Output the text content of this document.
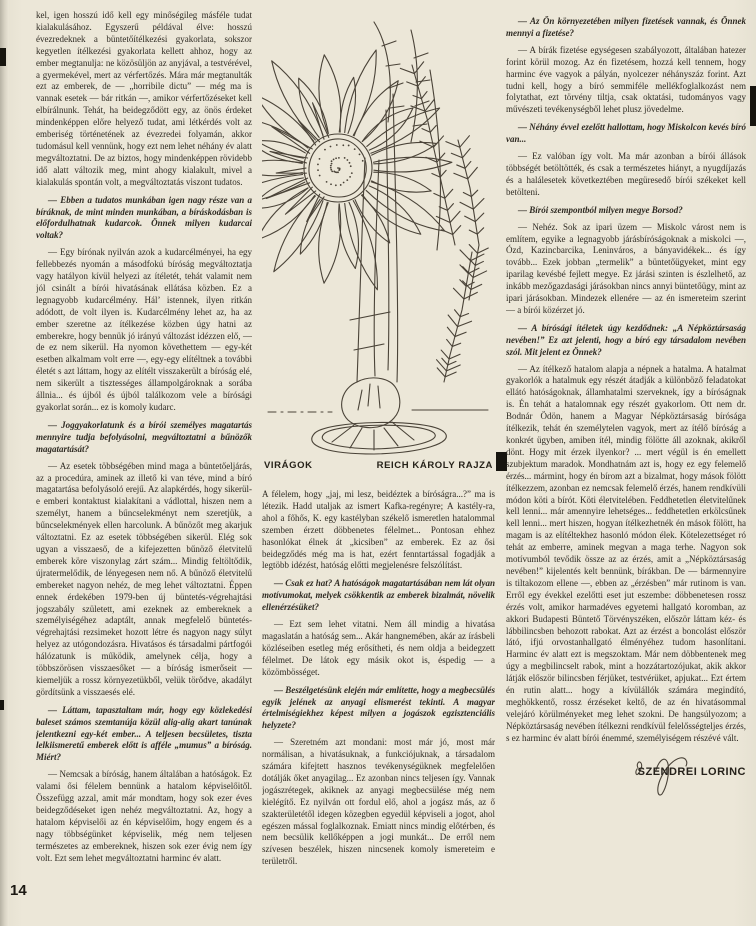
kel, igen hosszú idő kell egy minőségileg másféle tudat kialakulásához. Egyszerű példával élve: hosszú évezredeknek a büntetőítélkezési gyakorlata, sokszor kegyetlen ítélkezési gyakorlata kellett ahhoz, hogy az ember megtanulja: ne közösüljön az anyjával, a testvérével, a gyermekével, mert az vérfertőzés. Mára már megtanulták ezt az emberek, de — „horribile dictu” — még ma is vannak esetek — bár ritkán —, amikor vérfertőzéseket kell elbírálnunk. Tehát, ha beidegződött egy, az önös érdeket mindenképpen előre helyező tudat, ami létkérdés volt az emberiség történetének az évezredei folyamán, akkor tudomásul kell vennünk, hogy ezt nem lehet néhány év alatt megváltoztatni. De az biztos, hogy mindenképpen rövidebb idő alatt változik meg, mint ahogy kialakult, mivel a kialakulás spontán volt, a megváltoztatás viszont tudatos.

— Ebben a tudatos munkában igen nagy része van a bíráknak, de mint minden munkában, a bíráskodásban is előfordulhatnak kudarcok. Önnek milyen kudarcai voltak?

— Egy bírónak nyilván azok a kudarcélményei, ha egy fellebbezés nyomán a másodfokú bíróság megváltoztatja vagy hatályon kívül helyezi az ítéletét, tehát valamit nem jól csinált a bírói hivatásának ellátása közben. Ez a legnagyobb kudarcélmény. Hál’ istennek, ilyen ritkán adódott, de volt ilyen is. Kudarcélmény lehet az, ha az ember szeretne az ítélkezése közben úgy hatni az emberekre, hogy bennük jó irányú változást idézzen elő, — de ez nem sikerül. Ha nyomon követhettem — egy-két esetben alkalmam volt erre —, egy-egy elítéltnek a további életét s azt láttam, hogy az elítélt visszakerült a bíróság elé, nem sikerült a tisztességes állampolgároknak a sorába állnia... és újból és újból találkozom vele a bírósági gyakorlat során... ez is komoly kudarc.

— Joggyakorlatunk és a bírói személyes magatartás mennyire tudja befolyásolni, megváltoztatni a bűnözők magatartását?

— Az esetek többségében mind maga a büntetőeljárás, az a procedúra, aminek az illető ki van téve, mind a bíró magatartása befolyásoló erejű. Az alapkérdés, hogy sikerül-e emberi kontaktust kialakítani a vádlottal, hiszen nem a személyt, hanem a bűncselekményt nem szeretjük, a bűncselekmények ellen harcolunk. A bűnözőt meg akarjuk változtatni. Ez az esetek többségében sikerül. Elég sok ugyan a visszaeső, de a kifejezetten bűnöző életvitelű emberek köre viszonylag zárt szám... Mindig feltöltődik, újratermelődik, de lényegesen nem nő. A bűnöző életvitelű embereket nagyon nehéz, de meg lehet változtatni. Éppen ennek érdekében 1979-ben új büntetés-végrehajtási jogszabály született, ami ezeknek az embereknek a személyiségéhez adaptált, annak megfelelő büntetés-végrehajtási rezsimeket hozott létre és nagyon nagy súlyt helyez az utógondozásra. Hivatásos és társadalmi pártfogói hálózatunk is működik, amelynek célja, hogy a többszörösen visszaesőket — a bíróság ismerőseit — kiemeljük a rossz környezetükből, velük törődve, akadályt gördítsünk a visszaesés elé.

— Láttam, tapasztaltam már, hogy egy közlekedési baleset számos szemtanúja közül alig-alig akart tanúnak jelentkezni egy-két ember... A teljesen becsületes, tiszta lelkiismeretű emberek előtt is afféle „mumus” a bíróság. Miért?

— Nemcsak a bíróság, hanem általában a hatóságok. Ez valami ősi félelem bennünk a hatalom képviselőitől. Összefügg azzal, amit már mondtam, hogy sok ezer éves beidegződéseket igen nehéz megváltoztatni. Az, hogy a hatalom képviselői az én képviselőim, hogy engem és a nagy többségünket képviselik, még nem teljesen természetes az embereknek, hiszen sok ezer évig nem így volt. Ezt sem lehet megváltoztatni harminc év alatt.

VIRÁGOK	REICH KÁROLY RAJZA

A félelem, hogy „jaj, mi lesz, beidéztek a bíróságra...?” ma is létezik. Hadd utaljak az ismert Kafka-regényre; A kastély-ra, ahol a főhős, K. egy kastélyban székelő ismeretlen hatalommal szemben érzett döbbenetes félelmet... Pontosan ehhez hasonlókat élnek át „kicsiben” az emberek. Ez az ősi beidegződés még ma is hat, ezért fenntartással fogadják a legtöbb idézést, hatóság előtti megjelenésre felszólítást.

— Csak ez hat? A hatóságok magatartásában nem lát olyan motívumokat, melyek csökkentik az emberek bizalmát, növelik ellenérzésüket?

— Ezt sem lehet vitatni. Nem áll mindig a hivatása magaslatán a hatóság sem... Akár hangnemében, akár az írásbeli közléseiben esetleg még erősítheti, és nem oldja a beidegzett félelmet. De látok egy másik okot is, éspedig — a közömbösséget.

— Beszélgetésünk elején már említette, hogy a megbecsülés egyik jelének az anyagi elismerést tekinti. A magyar értelmiségiekhez képest milyen a jogászok egzisztenciális helyzete?

— Szeretném azt mondani: most már jó, most már normálisan, a hivatásuknak, a funkciójuknak, a társadalom számára kifejtett hasznos tevékenységüknek megfelelően dotálják őket anyagilag... Ez azonban nincs teljesen így. Vannak jogászrétegek, akiknek az anyagi megbecsülése még nem kielégítő. Ez nyilván ott fordul elő, ahol a jogász más, az ő szakterületétől idegen közegben egyedül képviseli a jogot, ahol egészen mással foglalkoznak. Emiatt nincs mindig előtérben, és nem becsülik kellőképpen a jogi munkát... De erről nem szívesen beszélek, hiszen nincsenek komoly ismereteim e területről.

— Az Ön környezetében milyen fizetések vannak, és Önnek mennyi a fizetése?

— A bírák fizetése egységesen szabályozott, általában hatezer forint körül mozog. Az én fizetésem, hozzá kell tennem, hogy harminc éve vagyok a pályán, nyolcezer néhányszáz forint. Azt tudni kell, hogy a bíró semmiféle mellékfoglalkozást nem folytathat, ezt törvény tiltja, csak oktatási, tudományos vagy művészeti tevékenységből lehet plusz jövedelme.

— Néhány évvel ezelőtt hallottam, hogy Miskolcon kevés bíró van...

— Ez valóban így volt. Ma már azonban a bírói állások többségét betöltötték, és csak a természetes hiányt, a nyugdíjazás és a halálesetek következtében megüresedő bírói székeket kell betölteni.

— Bírói szempontból milyen megye Borsod?

— Nehéz. Sok az ipari üzem — Miskolc várost nem is említem, egyike a legnagyobb járásbíróságoknak a miskolci —, Ózd, Kazincbarcika, Leninváros, a bányavidékek... és így tovább... Ezek jobban „termelik” a büntetőügyeket, mint egy iparilag kevésbé fejlett megye. Ez járási szinten is észlelhető, az inkább mezőgazdasági járásokban nincs annyi büntetőügy, mint az ipari járásokban. Mindezek ellenére — az én ismereteim szerint — a bírói közérzet jó.

— A bírósági ítéletek úgy kezdődnek: „A Népköztársaság nevében!” Ez azt jelenti, hogy a bíró egy társadalom nevében szól. Mit jelent ez Önnek?

— Az ítélkező hatalom alapja a népnek a hatalma. A hatalmat gyakorlók a hatalmuk egy részét átadják a különböző feladatokat ellátó hatóságoknak, államhatalmi szerveknek, így a bíróságnak is. Én tehát a hatalomnak egy részét gyakorlom. Ott nem dr. Bodnár Ödön, hanem a Magyar Népköztársaság bírósága ítélkezik, tehát én személytelen vagyok, mert az ítélő bíróság a konkrét ügyben, amiben ítél, mindig fölötte áll azoknak, akikről dönt. Hogy mit érzek ilyenkor? ... mert végül is én emellett szubjektum maradok. Mondhatnám azt is, hogy ez egy felemelő érzés... mármint, hogy én bírom azt a bizalmat, hogy mások fölött ítélkezzem, azonban ez nemcsak felemelő érzés, hanem rendkívüli módon köti a bírót. Köti életvitelében. Feddhetetlen életvitelűnek kell lenni... már amennyire lehetséges... feddhetetlen erkölcsűnek kell lenni... mert hiszen, hogyan ítélkezhetnék én mások fölött, ha magam is az elítéltekhez hasonló módon élek. Kötelezettséget ró tehát az emberre, aminek megvan a maga terhe. Nagyon sok motívumból tevődik össze az az érzés, amit a „Népköztársaság nevében!” kijelentés kelt bennünk, bírákban. De — bármennyire is tiltakozom ellene —, ebben az „érzésben” már rutinom is van. Erről egy évekkel ezelőtti eset jut eszembe: döbbenetesen rossz érzés volt, amikor harmadéves egyetemi hallgató koromban, az akkori Budapesti Büntető Törvényszéken, először láttam kéz- és lábbilincsben behozott rabokat. Azt az érzést a boncolást először látó, ifjú orvostanhallgató élményéhez tudom hasonlítani. Harminc év alatt ezt is megszoktam. Már nem döbbentenek meg úgy a megbilincselt rabok, mint a hozzátartozójukat, akik akkor látják először bilincsben férjüket, testvérüket, apjukat... Ezt értem én rutin alatt... hogy a kívülállók számára megindító, meghökkentő, rossz érzéseket keltő, de az én hivatásommal velejáró körülményeket meg lehet szokni. De hangsúlyozom; a Népköztársaság nevében ítélkezni rendkívül felelősségteljes érzés, s ez harminc év alatt bírói énemmé, személyiségem részévé vált.

SZENDREI LORINC
14
